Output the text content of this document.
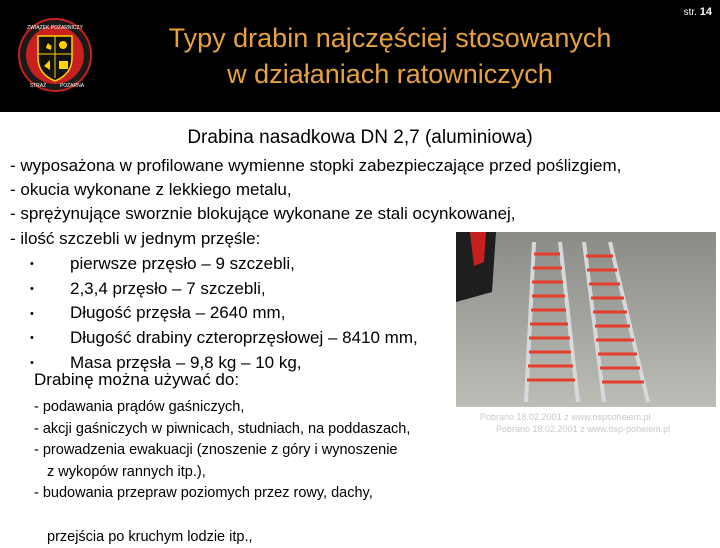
ZWIĄZEK POŻARNICZY
STRAŻ	POŻARNA
Typy drabin najczęściej stosowanych
w działaniach ratowniczych
str. 14
Drabina nasadkowa DN 2,7 (aluminiowa)
- wyposażona w profilowane wymienne stopki zabezpieczające przed poślizgiem,
- okucia wykonane z lekkiego metalu,
- sprężynujące sworznie blokujące wykonane ze stali ocynkowanej,
- ilość szczebli w jednym przęśle:
• pierwsze przęsło – 9 szczebli,
• 2,3,4 przęsło – 7 szczebli,
• Długość przęsła – 2640 mm,
• Długość drabiny czteroprzęsłowej – 8410 mm,
• Masa przęsła – 9,8 kg – 10 kg,
Drabinę można używać do:
- podawania prądów gaśniczych,
- akcji gaśniczych w piwnicach, studniach, na poddaszach,
- prowadzenia ewakuacji (znoszenie z góry i wynoszenie
z wykopów rannych itp.),
- budowania przepraw poziomych przez rowy, dachy,
przejścia po kruchym lodzie itp.,
Pobrano 18.02.2001 z www.ospsoheiem.pl
Pobrano 18.02.2001 z www.osp-poheiem.pl
